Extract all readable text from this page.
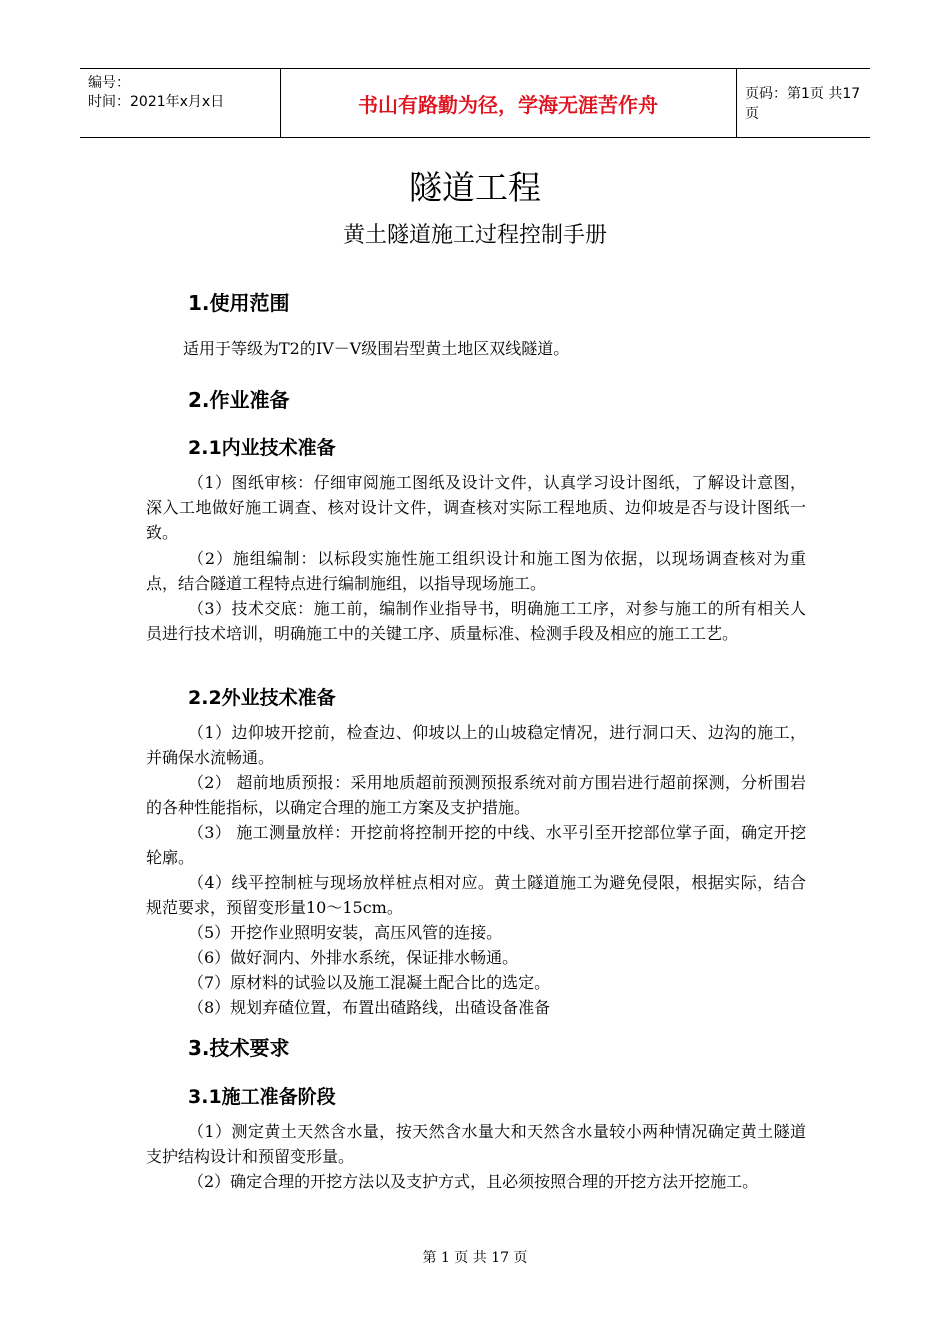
编号：
时间：2021年x月x日	书山有路勤为径，学海无涯苦作舟	页码：第1页 共17页
隧道工程
黄土隧道施工过程控制手册
1.使用范围
适用于等级为T2的IV－V级围岩型黄土地区双线隧道。
2.作业准备
2.1内业技术准备
（1）图纸审核：仔细审阅施工图纸及设计文件，认真学习设计图纸，了解设计意图，深入工地做好施工调查、核对设计文件，调查核对实际工程地质、边仰坡是否与设计图纸一致。
（2）施组编制：以标段实施性施工组织设计和施工图为依据，以现场调查核对为重点，结合隧道工程特点进行编制施组，以指导现场施工。
（3）技术交底：施工前，编制作业指导书，明确施工工序，对参与施工的所有相关人员进行技术培训，明确施工中的关键工序、质量标准、检测手段及相应的施工工艺。
2.2外业技术准备
（1）边仰坡开挖前，检查边、仰坡以上的山坡稳定情况，进行洞口天、边沟的施工，并确保水流畅通。
（2） 超前地质预报：采用地质超前预测预报系统对前方围岩进行超前探测，分析围岩的各种性能指标，以确定合理的施工方案及支护措施。
（3） 施工测量放样：开挖前将控制开挖的中线、水平引至开挖部位掌子面，确定开挖轮廓。
（4）线平控制桩与现场放样桩点相对应。黄土隧道施工为避免侵限，根据实际，结合规范要求，预留变形量10～15cm。
（5）开挖作业照明安装，高压风管的连接。
（6）做好洞内、外排水系统，保证排水畅通。
（7）原材料的试验以及施工混凝土配合比的选定。
（8）规划弃碴位置，布置出碴路线，出碴设备准备
3.技术要求
3.1施工准备阶段
（1）测定黄土天然含水量，按天然含水量大和天然含水量较小两种情况确定黄土隧道支护结构设计和预留变形量。
（2）确定合理的开挖方法以及支护方式，且必须按照合理的开挖方法开挖施工。
第 1 页 共 17 页
